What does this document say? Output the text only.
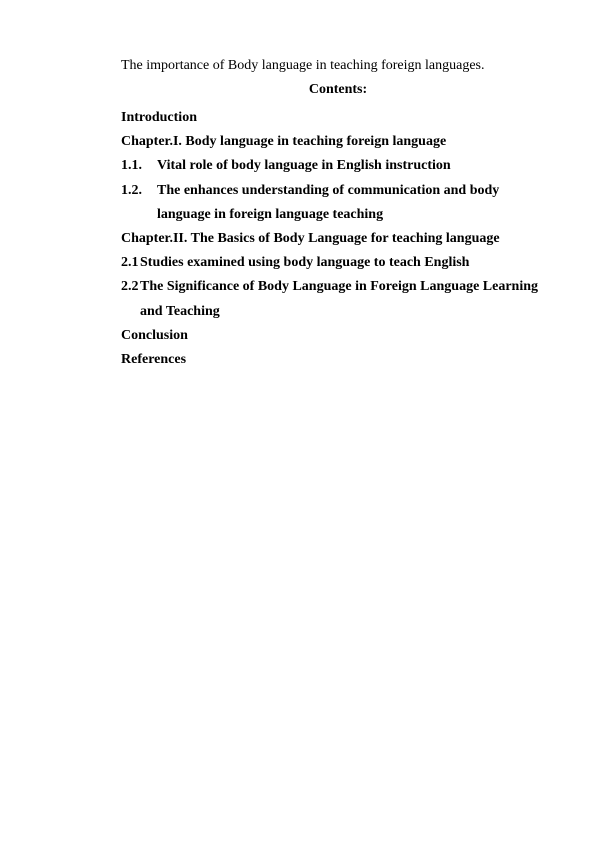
The importance of Body language in teaching foreign languages.
Contents:
Introduction
Chapter.I. Body language in teaching foreign language
1.1. Vital role of body language in English instruction
1.2. The enhances understanding of communication and body
language in foreign language teaching
Chapter.II. The Basics of Body Language for teaching language
2.1 Studies examined using body language to teach English
2.2 The Significance of Body Language in Foreign Language Learning
and Teaching
Conclusion
References
